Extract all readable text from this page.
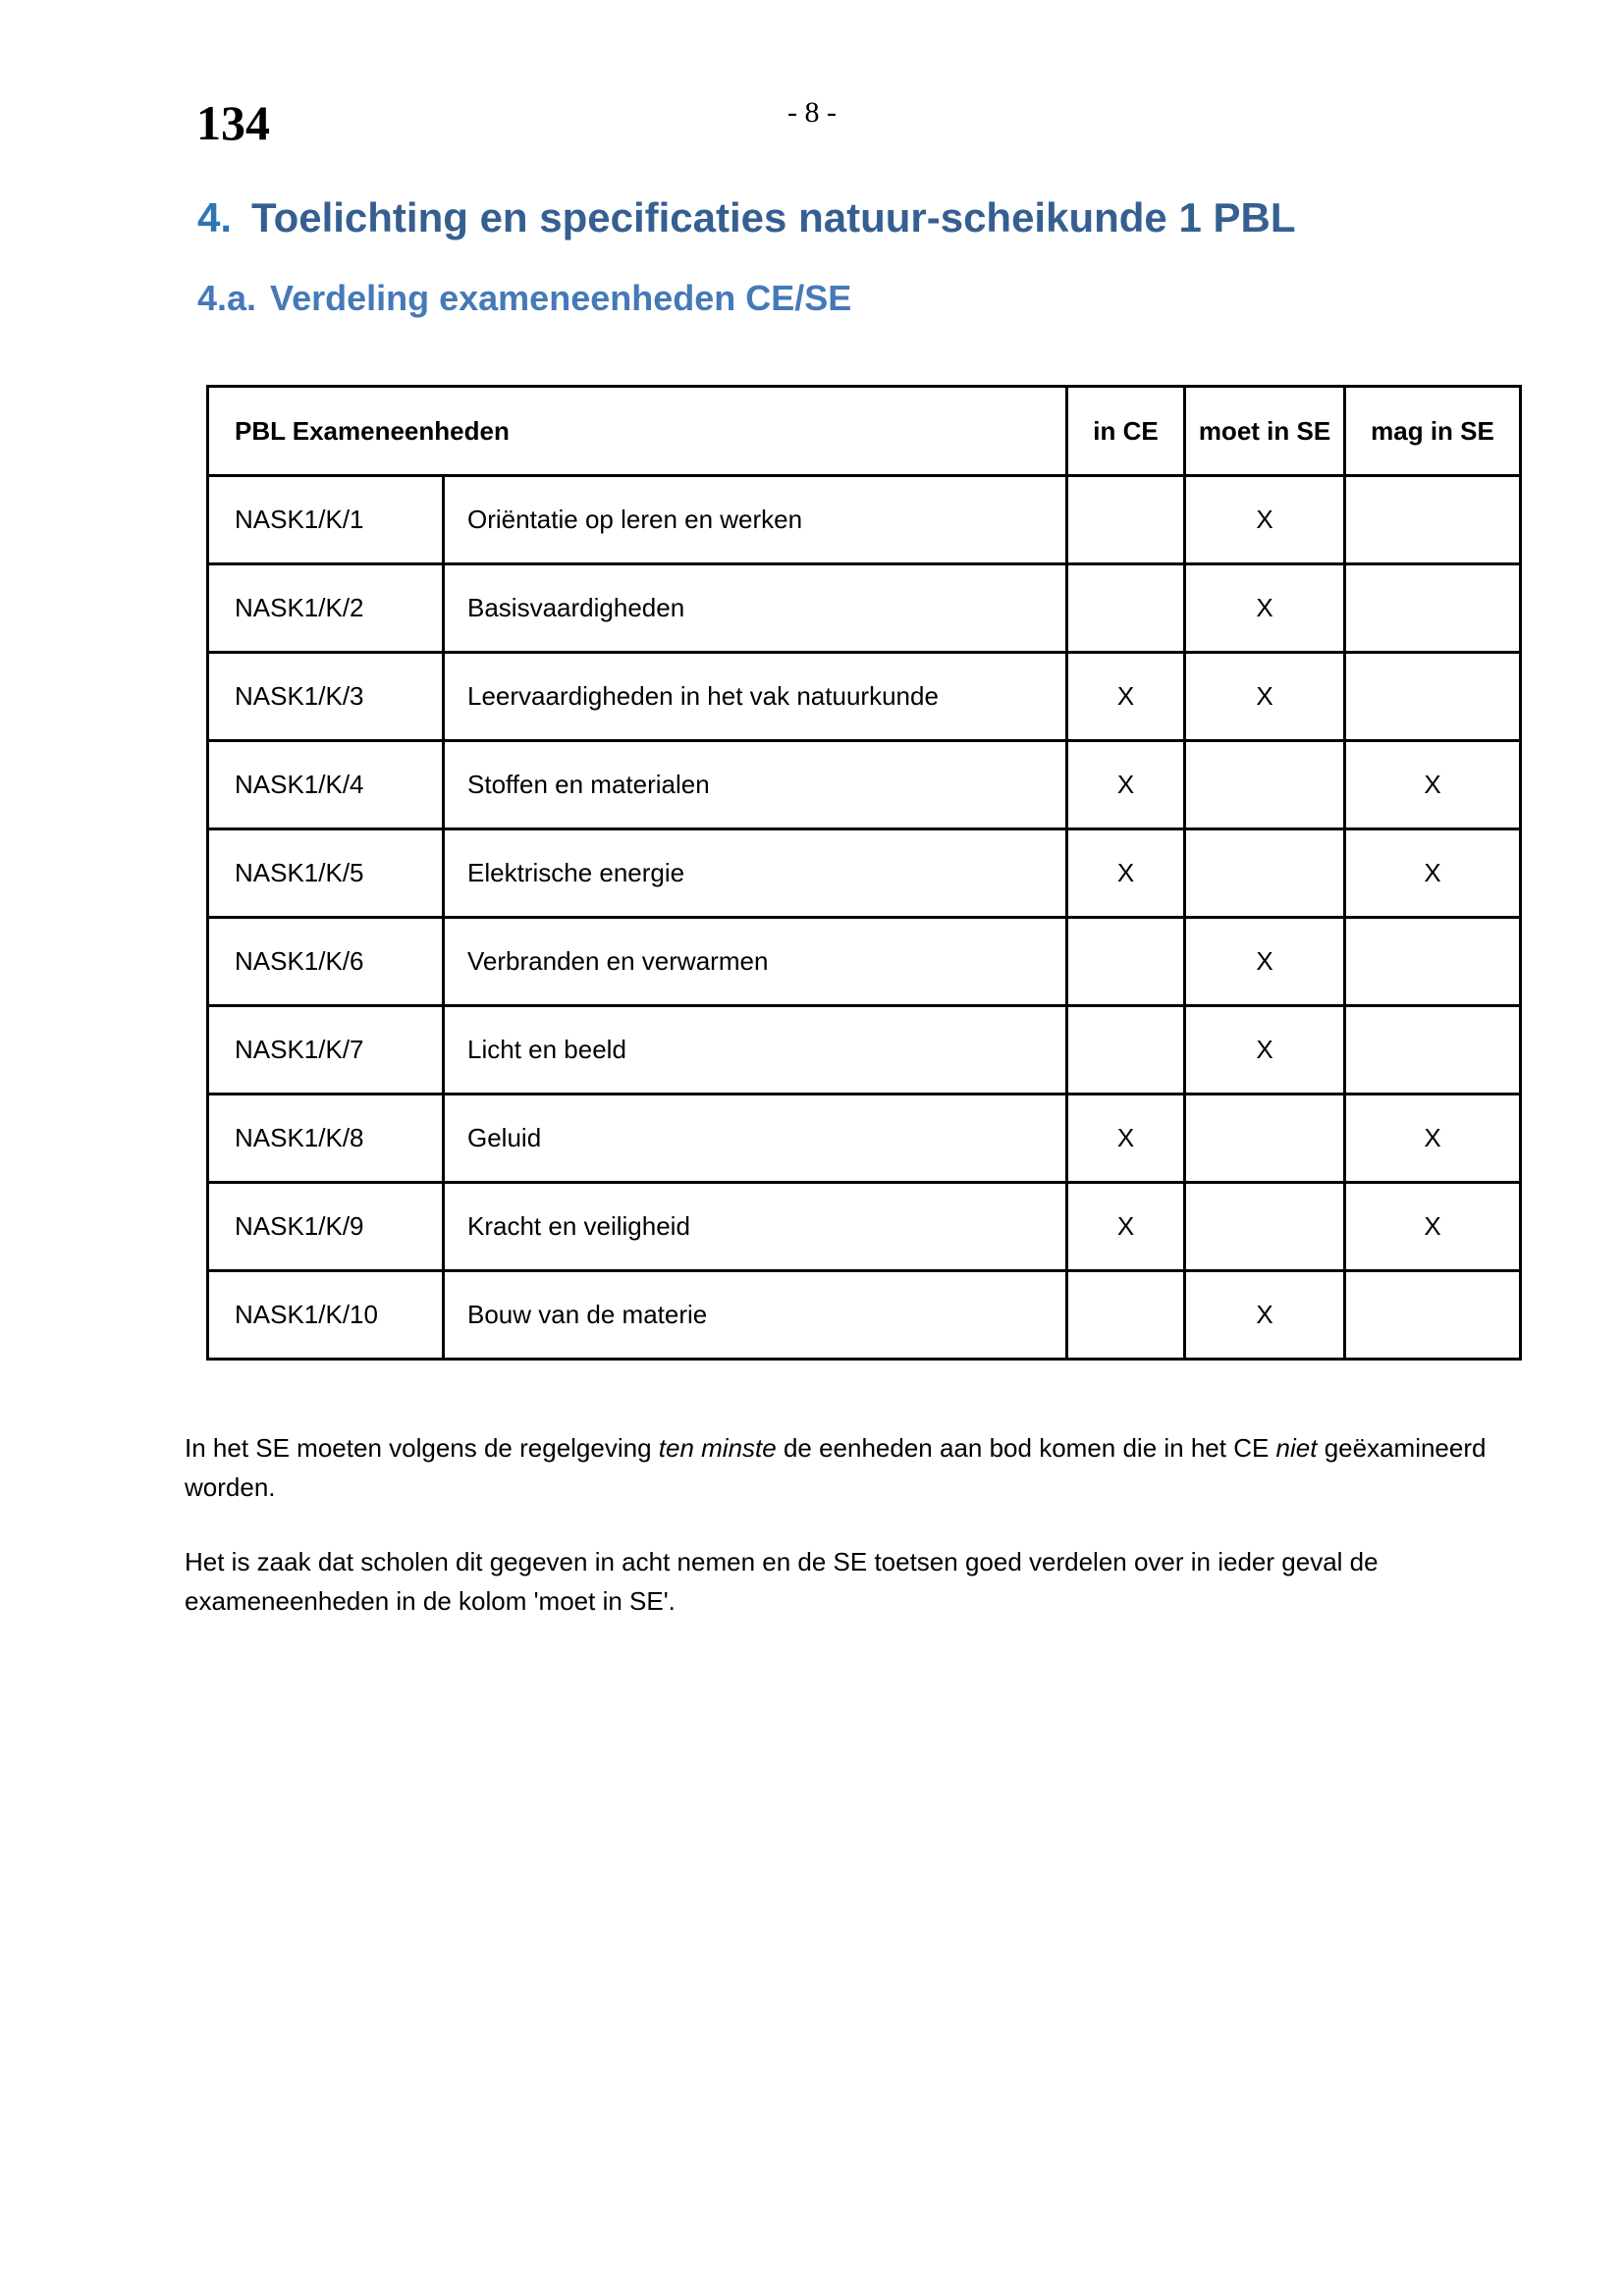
134	- 8 -
4. Toelichting en specificaties natuur-scheikunde 1 PBL
4.a. Verdeling exameneenheden CE/SE
PBL Exameneenheden		in CE	moet in SE	mag in SE
NASK1/K/1	Oriëntatie op leren en werken		X	
NASK1/K/2	Basisvaardigheden		X	
NASK1/K/3	Leervaardigheden in het vak natuurkunde	X	X	
NASK1/K/4	Stoffen en materialen	X		X
NASK1/K/5	Elektrische energie	X		X
NASK1/K/6	Verbranden en verwarmen		X	
NASK1/K/7	Licht en beeld		X	
NASK1/K/8	Geluid	X		X
NASK1/K/9	Kracht en veiligheid	X		X
NASK1/K/10	Bouw van de materie		X	
In het SE moeten volgens de regelgeving ten minste de eenheden aan bod komen die in het CE niet geëxamineerd worden.
Het is zaak dat scholen dit gegeven in acht nemen en de SE toetsen goed verdelen over in ieder geval de exameneenheden in de kolom 'moet in SE'.
